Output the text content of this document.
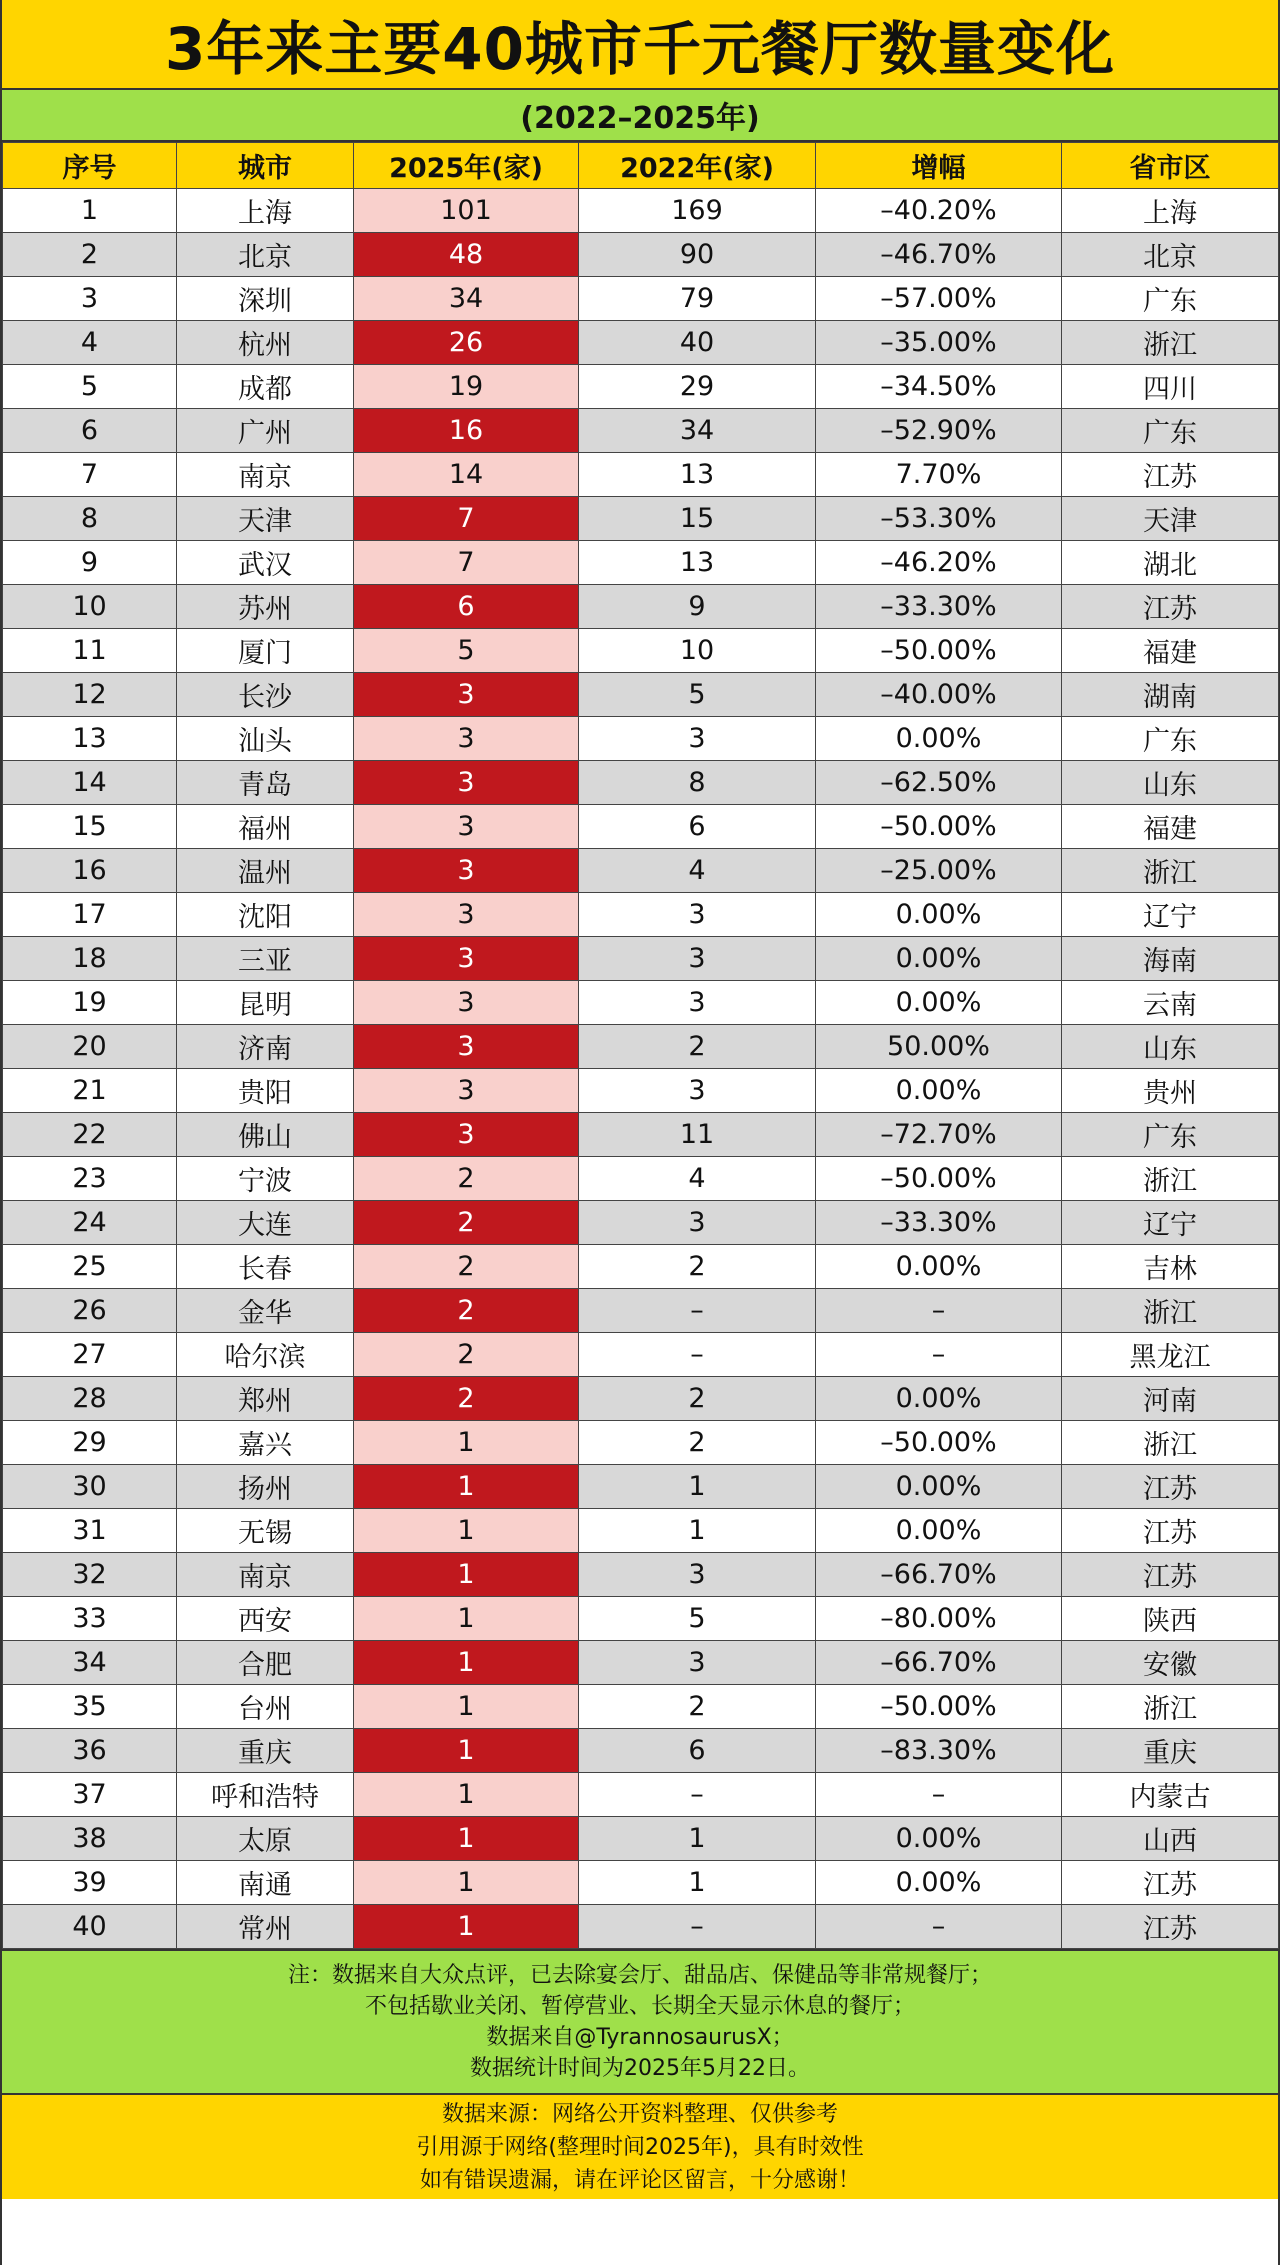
3年来主要40城市千元餐厅数量变化
(2022–2025年)
序号	城市	2025年(家)	2022年(家)	增幅	省市区
1	上海	101	169	–40.20%	上海
2	北京	48	90	–46.70%	北京
3	深圳	34	79	–57.00%	广东
4	杭州	26	40	–35.00%	浙江
5	成都	19	29	–34.50%	四川
6	广州	16	34	–52.90%	广东
7	南京	14	13	7.70%	江苏
8	天津	7	15	–53.30%	天津
9	武汉	7	13	–46.20%	湖北
10	苏州	6	9	–33.30%	江苏
11	厦门	5	10	–50.00%	福建
12	长沙	3	5	–40.00%	湖南
13	汕头	3	3	0.00%	广东
14	青岛	3	8	–62.50%	山东
15	福州	3	6	–50.00%	福建
16	温州	3	4	–25.00%	浙江
17	沈阳	3	3	0.00%	辽宁
18	三亚	3	3	0.00%	海南
19	昆明	3	3	0.00%	云南
20	济南	3	2	50.00%	山东
21	贵阳	3	3	0.00%	贵州
22	佛山	3	11	–72.70%	广东
23	宁波	2	4	–50.00%	浙江
24	大连	2	3	–33.30%	辽宁
25	长春	2	2	0.00%	吉林
26	金华	2	–	–	浙江
27	哈尔滨	2	–	–	黑龙江
28	郑州	2	2	0.00%	河南
29	嘉兴	1	2	–50.00%	浙江
30	扬州	1	1	0.00%	江苏
31	无锡	1	1	0.00%	江苏
32	南京	1	3	–66.70%	江苏
33	西安	1	5	–80.00%	陕西
34	合肥	1	3	–66.70%	安徽
35	台州	1	2	–50.00%	浙江
36	重庆	1	6	–83.30%	重庆
37	呼和浩特	1	–	–	内蒙古
38	太原	1	1	0.00%	山西
39	南通	1	1	0.00%	江苏
40	常州	1	–	–	江苏
注：数据来自大众点评，已去除宴会厅、甜品店、保健品等非常规餐厅；
不包括歇业关闭、暂停营业、长期全天显示休息的餐厅；
数据来自@TyrannosaurusX；
数据统计时间为2025年5月22日。
数据来源：网络公开资料整理、仅供参考
引用源于网络(整理时间2025年)，具有时效性
如有错误遗漏，请在评论区留言，十分感谢！
